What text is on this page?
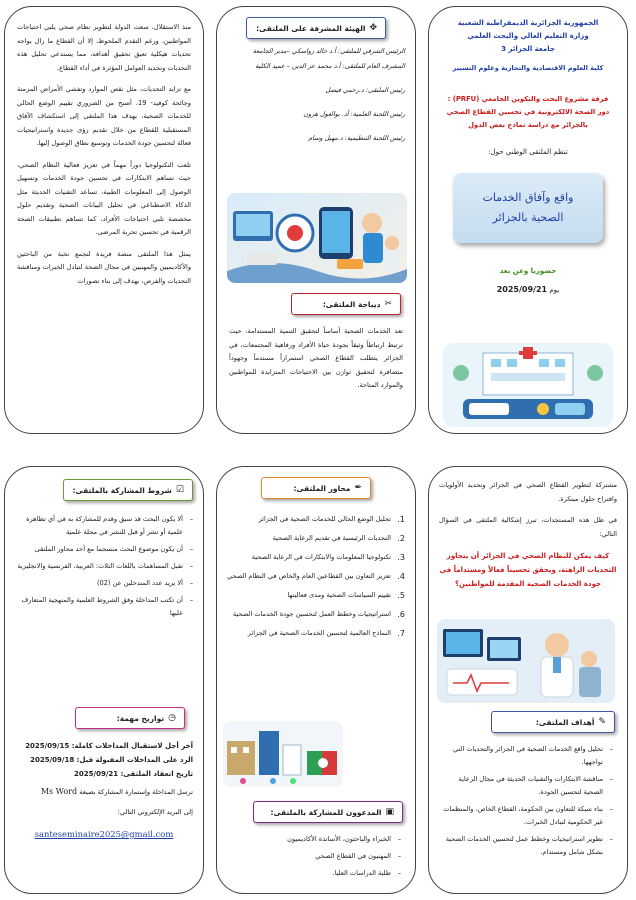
منذ الاستقلال، سعت الدولة لتطوير نظام صحي يلبي احتياجات المواطنين، ورغم التقدم الملحوظ، إلا أن القطاع ما زال يواجه تحديات هيكلية تعيق تحقيق أهدافه، مما يستدعي تحليل هذه التحديات وتحديد العوامل المؤثرة في أداء القطاع.
مع تزايد التحديات، مثل نقص الموارد وتفشي الأمراض المزمنة وجائحة كوفيد- 19، أصبح من الضروري تقييم الوضع الحالي للخدمات الصحية، يهدف هذا الملتقى إلى استكشاف الآفاق المستقبلية للقطاع من خلال تقديم رؤى جديدة واستراتيجيات فعالة لتحسين جودة الخدمات وتوسيع نطاق الوصول إليها.
تلعب التكنولوجيا دوراً مهماً في تعزيز فعالية النظام الصحي، حيث تساهم الابتكارات في تحسين جودة الخدمات وتسهيل الوصول إلى المعلومات الطبية، تساعد التقنيات الحديثة مثل الذكاء الاصطناعي في تحليل البيانات الصحية وتقديم حلول مخصصة تلبي احتياجات الأفراد، كما تساهم تطبيقات الصحة الرقمية في تحسين تجربة المرضى.
يمثل هذا الملتقى منصة فريدة لتجمع نخبة من الباحثين والأكاديميين والمهنيين في مجال الصحة لتبادل الخبرات ومناقشة التحديات والفرص، يهدف إلى بناء تصورات
✥
الهيئة المشرفة على الملتقى:
الرئيس الشرفي للملتقى: أ.د خالد رواسكي –مدير الجامعة
المشرف العام للملتقى: أ.د محمد عز الدين – عميد الكلية
رئيس الملتقى: د.رحمي فيصل
رئيس اللجنة العلمية: أد. بوالغول هرون
رئيس اللجنة التنظيمية: د.مهيل وسام
✂
ديباجة الملتقى:
تعد الخدمات الصحية أساساً لتحقيق التنمية المستدامة، حيث ترتبط ارتباطاً وثيقاً بجودة حياة الأفراد ورفاهية المجتمعات، في الجزائر يتطلب القطاع الصحي استمراراً مستدماً وجهوداً متضافرة لتحقيق توازن بين الاحتياجات المتزايدة للمواطنين والموارد المتاحة.
الجمهورية الجزائرية الديمقراطية الشعبية
وزارة التعليم العالي والبحث العلمي
جامعة الجزائر 3
كلية العلوم الاقتصادية والتجارية وعلوم التسيير
فرقة مشروع البحث والتكوين الجامعي (PRFU) :
دور الصحة الالكترونية في تحسين القطاع الصحي
بالجزائر مع دراسة نماذج بعض الدول
تنظم الملتقى الوطني حول:
واقع وآفاق الخدمات
الصحية بالجزائر
حضوريا وعن بعد
يوم 2025/09/21
☑
شروط المشاركة بالملتقى:
– ألا يكون البحث قد سبق وقدم للمشاركة به في أي تظاهرة علمية أو نشر أو قبل للنشر في مجلة علمية
– أن يكون موضوع البحث منسجما مع أحد محاور الملتقى
– تقبل المساهمات باللغات الثلاث: العربية، الفرنسية والانجليزية
– ألا يزيد عدد المتدخلين عن (02)
– أن تكتب المداخلة وفق الشروط العلمية والمنهجية المتعارف عليها
◷
تواريخ مهمة:
آخر أجل لاستقبال المداخلات كاملة: 2025/09/15
الرد على المداخلات المقبولة قبل: 2025/09/18
تاريخ انعقاد الملتقى: 2025/09/21
ترسل المداخلة وإستمارة المشاركة بصيغة Ms Word
إلى البريد الإلكتروني التالي:
santeseminaire2025@gmail.com
✒
محاور الملتقى:
1.
تحليل الوضع الحالي للخدمات الصحية في الجزائر
2.
التحديات الرئيسية في تقديم الرعاية الصحية
3.
تكنولوجيا المعلومات والابتكارات في الرعاية الصحية
4.
تعزيز التعاون بين القطاعين العام والخاص في النظام الصحي
5.
تقييم السياسات الصحية ومدى فعاليتها
6.
استراتيجيات وخطط العمل لتحسين جودة الخدمات الصحية
7.
النماذج العالمية لتحسين الخدمات الصحية في الجزائر
▣
المدعوون للمشاركة بالملتقى:
– الخبراء والباحثون، الأساتذة الأكاديميون
– المهنيون في القطاع الصحي
– طلبة الدراسات العليا.
مشتركة لتطوير القطاع الصحي في الجزائر وتحديد الأولويات واقتراح حلول مبتكرة.
في ظل هذه المستجدات، تبرز إشكالية الملتقى في السؤال التالي:
كيف يمكن للنظام الصحي في الجزائر أن يتجاوز التحديات الراهنة، ويحقق تحسيناً فعالاً ومستداماً في جودة الخدمات الصحية المقدمة للمواطنين؟
✎
أهداف الملتقى:
– تحليل واقع الخدمات الصحية في الجزائر والتحديات التي تواجهها.
– مناقشة الابتكارات والتقنيات الحديثة في مجال الرعاية الصحية لتحسين الجودة.
– بناء شبكة للتعاون بين الحكومة، القطاع الخاص، والمنظمات غير الحكومية لتبادل الخبرات.
– تطوير استراتيجيات وخطط عمل لتحسين الخدمات الصحية بشكل شامل ومستدام.
